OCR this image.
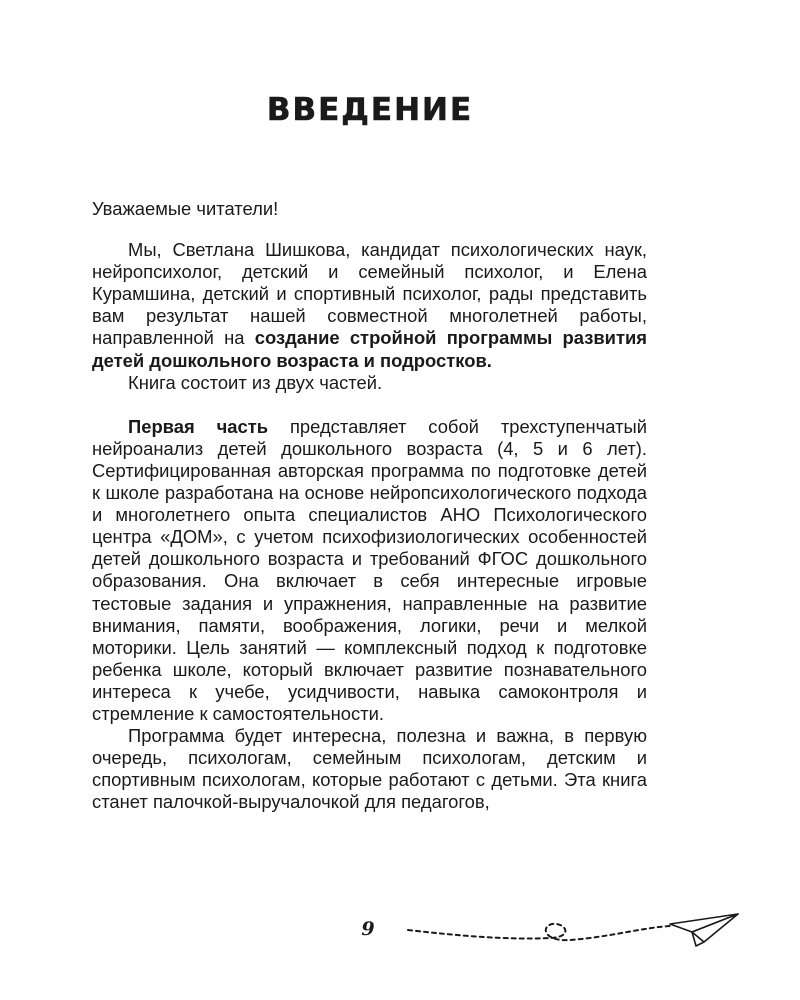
ВВЕДЕНИЕ

Уважаемые читатели!

Мы, Светлана Шишкова, кандидат психологических наук, нейропсихолог, детский и семейный психолог, и Елена Курамшина, детский и спортивный психолог, рады представить вам результат нашей совместной многолетней работы, направленной на создание стройной программы развития детей дошкольного возраста и подростков.

Книга состоит из двух частей.

Первая часть представляет собой трехступенчатый нейроанализ детей дошкольного возраста (4, 5 и 6 лет). Сертифицированная авторская программа по подготовке детей к школе разработана на основе нейропсихологического подхода и многолетнего опыта специалистов АНО Психологического центра «ДОМ», с учетом психофизиологических особенностей детей дошкольного возраста и требований ФГОС дошкольного образования. Она включает в себя интересные игровые тестовые задания и упражнения, направленные на развитие внимания, памяти, воображения, логики, речи и мелкой моторики. Цель занятий — комплексный подход к подготовке ребенка школе, который включает развитие познавательного интереса к учебе, усидчивости, навыка самоконтроля и стремление к самостоятельности.

Программа будет интересна, полезна и важна, в первую очередь, психологам, семейным психологам, детским и спортивным психологам, которые работают с детьми. Эта книга станет палочкой-выручалочкой для педагогов,

9
